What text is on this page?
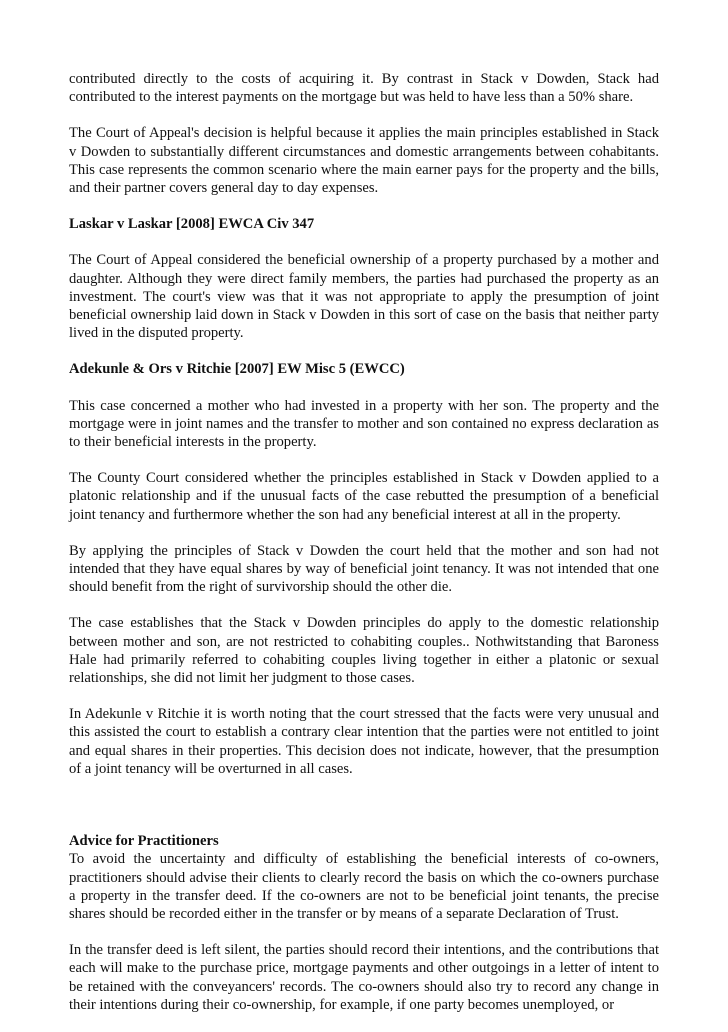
contributed directly to the costs of acquiring it. By contrast in Stack v Dowden, Stack had contributed to the interest payments on the mortgage but was held to have less than a 50% share.

The Court of Appeal's decision is helpful because it applies the main principles established in Stack v Dowden to substantially different circumstances and domestic arrangements between cohabitants. This case represents the common scenario where the main earner pays for the property and the bills, and their partner covers general day to day expenses.

Laskar v Laskar [2008] EWCA Civ 347

The Court of Appeal considered the beneficial ownership of a property purchased by a mother and daughter. Although they were direct family members, the parties had purchased the property as an investment. The court's view was that it was not appropriate to apply the presumption of joint beneficial ownership laid down in Stack v Dowden in this sort of case on the basis that neither party lived in the disputed property.

Adekunle & Ors v Ritchie [2007] EW Misc 5 (EWCC)

This case concerned a mother who had invested in a property with her son. The property and the mortgage were in joint names and the transfer to mother and son contained no express declaration as to their beneficial interests in the property.

The County Court considered whether the principles established in Stack v Dowden applied to a platonic relationship and if the unusual facts of the case rebutted the presumption of a beneficial joint tenancy and furthermore whether the son had any beneficial interest at all in the property.

By applying the principles of Stack v Dowden the court held that the mother and son had not intended that they have equal shares by way of beneficial joint tenancy. It was not intended that one should benefit from the right of survivorship should the other die.

The case establishes that the Stack v Dowden principles do apply to the domestic relationship between mother and son, are not restricted to cohabiting couples.. Nothwitstanding that Baroness Hale had primarily referred to cohabiting couples living together in either a platonic or sexual relationships, she did not limit her judgment to those cases.

In Adekunle v Ritchie it is worth noting that the court stressed that the facts were very unusual and this assisted the court to establish a contrary clear intention that the parties were not entitled to joint and equal shares in their properties. This decision does not indicate, however, that the presumption of a joint tenancy will be overturned in all cases.

Advice for Practitioners

To avoid the uncertainty and difficulty of establishing the beneficial interests of co-owners, practitioners should advise their clients to clearly record the basis on which the co-owners purchase a property in the transfer deed. If the co-owners are not to be beneficial joint tenants, the precise shares should be recorded either in the transfer or by means of a separate Declaration of Trust.

In the transfer deed is left silent, the parties should record their intentions, and the contributions that each will make to the purchase price, mortgage payments and other outgoings in a letter of intent to be retained with the conveyancers' records. The co-owners should also try to record any change in their intentions during their co-ownership, for example, if one party becomes unemployed, or
